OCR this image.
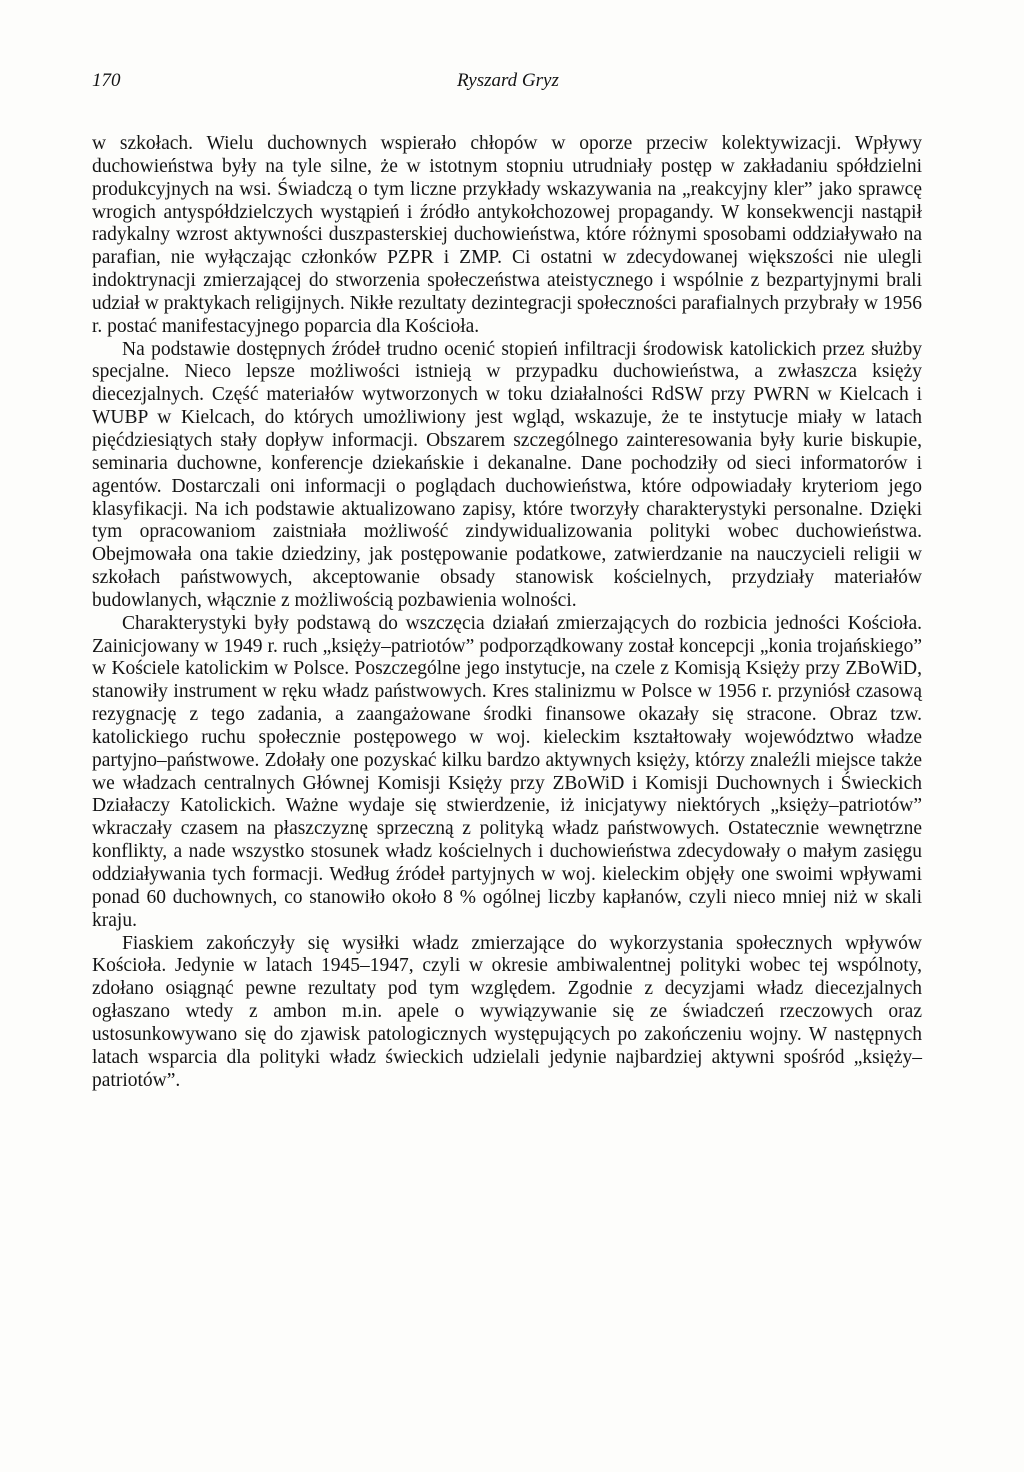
170	Ryszard Gryz

w szkołach. Wielu duchownych wspierało chłopów w oporze przeciw kolektywizacji. Wpływy duchowieństwa były na tyle silne, że w istotnym stopniu utrudniały postęp w zakładaniu spółdzielni produkcyjnych na wsi. Świadczą o tym liczne przykłady wskazywania na „reakcyjny kler” jako sprawcę wrogich antyspółdzielczych wystąpień i źródło antykołchozowej propagandy. W konsekwencji nastąpił radykalny wzrost aktywności duszpasterskiej duchowieństwa, które różnymi sposobami oddziaływało na parafian, nie wyłączając członków PZPR i ZMP. Ci ostatni w zdecydowanej większości nie ulegli indoktrynacji zmierzającej do stworzenia społeczeństwa ateistycznego i wspólnie z bezpartyjnymi brali udział w praktykach religijnych. Nikłe rezultaty dezintegracji społeczności parafialnych przybrały w 1956 r. postać manifestacyjnego poparcia dla Kościoła.

Na podstawie dostępnych źródeł trudno ocenić stopień infiltracji środowisk katolickich przez służby specjalne. Nieco lepsze możliwości istnieją w przypadku duchowieństwa, a zwłaszcza księży diecezjalnych. Część materiałów wytworzonych w toku działalności RdSW przy PWRN w Kielcach i WUBP w Kielcach, do których umożliwiony jest wgląd, wskazuje, że te instytucje miały w latach pięćdziesiątych stały dopływ informacji. Obszarem szczególnego zainteresowania były kurie biskupie, seminaria duchowne, konferencje dziekańskie i dekanalne. Dane pochodziły od sieci informatorów i agentów. Dostarczali oni informacji o poglądach duchowieństwa, które odpowiadały kryteriom jego klasyfikacji. Na ich podstawie aktualizowano zapisy, które tworzyły charakterystyki personalne. Dzięki tym opracowaniom zaistniała możliwość zindywidualizowania polityki wobec duchowieństwa. Obejmowała ona takie dziedziny, jak postępowanie podatkowe, zatwierdzanie na nauczycieli religii w szkołach państwowych, akceptowanie obsady stanowisk kościelnych, przydziały materiałów budowlanych, włącznie z możliwością pozbawienia wolności.

Charakterystyki były podstawą do wszczęcia działań zmierzających do rozbicia jedności Kościoła. Zainicjowany w 1949 r. ruch „księży–patriotów” podporządkowany został koncepcji „konia trojańskiego” w Kościele katolickim w Polsce. Poszczególne jego instytucje, na czele z Komisją Księży przy ZBoWiD, stanowiły instrument w ręku władz państwowych. Kres stalinizmu w Polsce w 1956 r. przyniósł czasową rezygnację z tego zadania, a zaangażowane środki finansowe okazały się stracone. Obraz tzw. katolickiego ruchu społecznie postępowego w woj. kieleckim kształtowały województwo władze partyjno–państwowe. Zdołały one pozyskać kilku bardzo aktywnych księży, którzy znaleźli miejsce także we władzach centralnych Głównej Komisji Księży przy ZBoWiD i Komisji Duchownych i Świeckich Działaczy Katolickich. Ważne wydaje się stwierdzenie, iż inicjatywy niektórych „księży–patriotów” wkraczały czasem na płaszczyznę sprzeczną z polityką władz państwowych. Ostatecznie wewnętrzne konflikty, a nade wszystko stosunek władz kościelnych i duchowieństwa zdecydowały o małym zasięgu oddziaływania tych formacji. Według źródeł partyjnych w woj. kieleckim objęły one swoimi wpływami ponad 60 duchownych, co stanowiło około 8 % ogólnej liczby kapłanów, czyli nieco mniej niż w skali kraju.

Fiaskiem zakończyły się wysiłki władz zmierzające do wykorzystania społecznych wpływów Kościoła. Jedynie w latach 1945–1947, czyli w okresie ambiwalentnej polityki wobec tej wspólnoty, zdołano osiągnąć pewne rezultaty pod tym względem. Zgodnie z decyzjami władz diecezjalnych ogłaszano wtedy z ambon m.in. apele o wywiązywanie się ze świadczeń rzeczowych oraz ustosunkowywano się do zjawisk patologicznych występujących po zakończeniu wojny. W następnych latach wsparcia dla polityki władz świeckich udzielali jedynie najbardziej aktywni spośród „księży–patriotów”.
